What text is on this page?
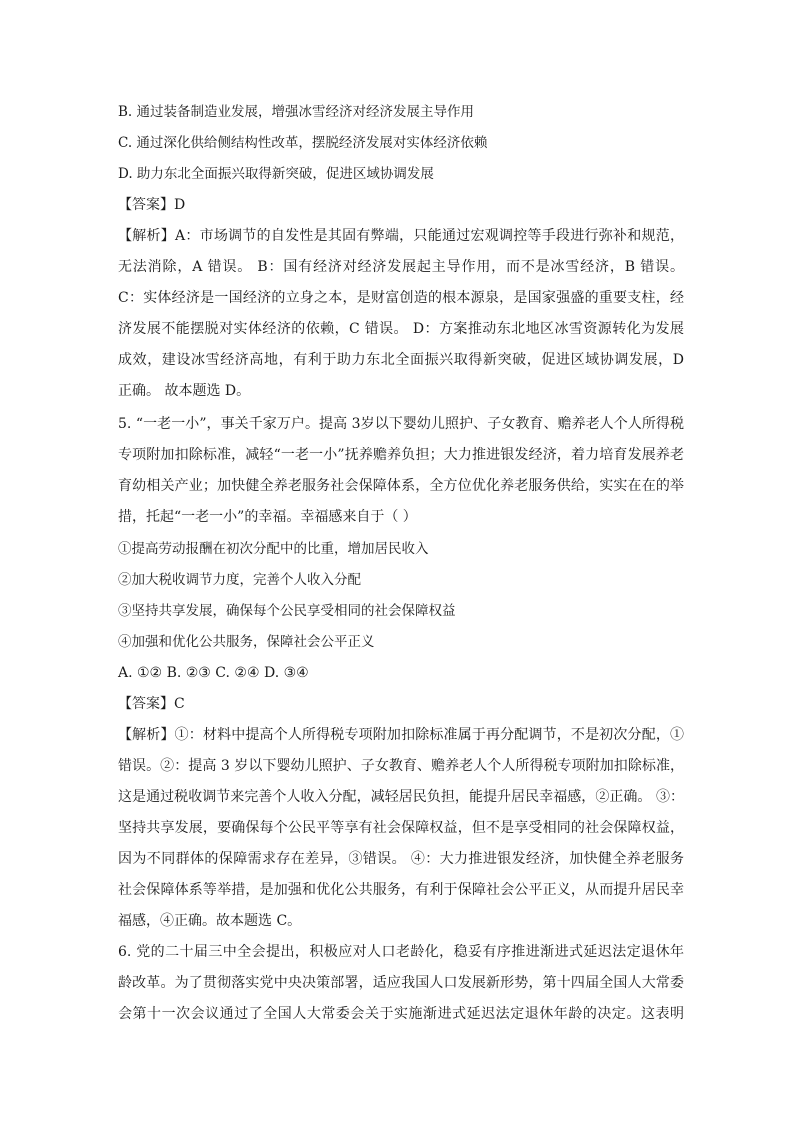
B. 通过装备制造业发展，增强冰雪经济对经济发展主导作用
C. 通过深化供给侧结构性改革，摆脱经济发展对实体经济依赖
D. 助力东北全面振兴取得新突破，促进区域协调发展
【答案】D
【解析】A：市场调节的自发性是其固有弊端，只能通过宏观调控等手段进行弥补和规范，
无法消除，A 错误。 B：国有经济对经济发展起主导作用，而不是冰雪经济，B 错误。
C：实体经济是一国经济的立身之本，是财富创造的根本源泉，是国家强盛的重要支柱，经
济发展不能摆脱对实体经济的依赖，C 错误。 D：方案推动东北地区冰雪资源转化为发展
成效，建设冰雪经济高地，有利于助力东北全面振兴取得新突破，促进区域协调发展，D
正确。 故本题选 D。
5. “一老一小”，事关千家万户。提高 3岁以下婴幼儿照护、子女教育、赡养老人个人所得税
专项附加扣除标准，减轻“一老一小”抚养赡养负担；大力推进银发经济，着力培育发展养老
育幼相关产业；加快健全养老服务社会保障体系，全方位优化养老服务供给，实实在在的举
措，托起“一老一小”的幸福。幸福感来自于（ ）
①提高劳动报酬在初次分配中的比重，增加居民收入
②加大税收调节力度，完善个人收入分配
③坚持共享发展，确保每个公民享受相同的社会保障权益
④加强和优化公共服务，保障社会公平正义
A. ①② B. ②③ C. ②④ D. ③④
【答案】C
【解析】①：材料中提高个人所得税专项附加扣除标准属于再分配调节，不是初次分配，①
错误。②：提高 3 岁以下婴幼儿照护、子女教育、赡养老人个人所得税专项附加扣除标准，
这是通过税收调节来完善个人收入分配，减轻居民负担，能提升居民幸福感，②正确。 ③：
坚持共享发展，要确保每个公民平等享有社会保障权益，但不是享受相同的社会保障权益，
因为不同群体的保障需求存在差异，③错误。 ④：大力推进银发经济，加快健全养老服务
社会保障体系等举措，是加强和优化公共服务，有利于保障社会公平正义，从而提升居民幸
福感，④正确。故本题选 C。
6. 党的二十届三中全会提出，积极应对人口老龄化，稳妥有序推进渐进式延迟法定退休年
龄改革。为了贯彻落实党中央决策部署，适应我国人口发展新形势，第十四届全国人大常委
会第十一次会议通过了全国人大常委会关于实施渐进式延迟法定退休年龄的决定。这表明
